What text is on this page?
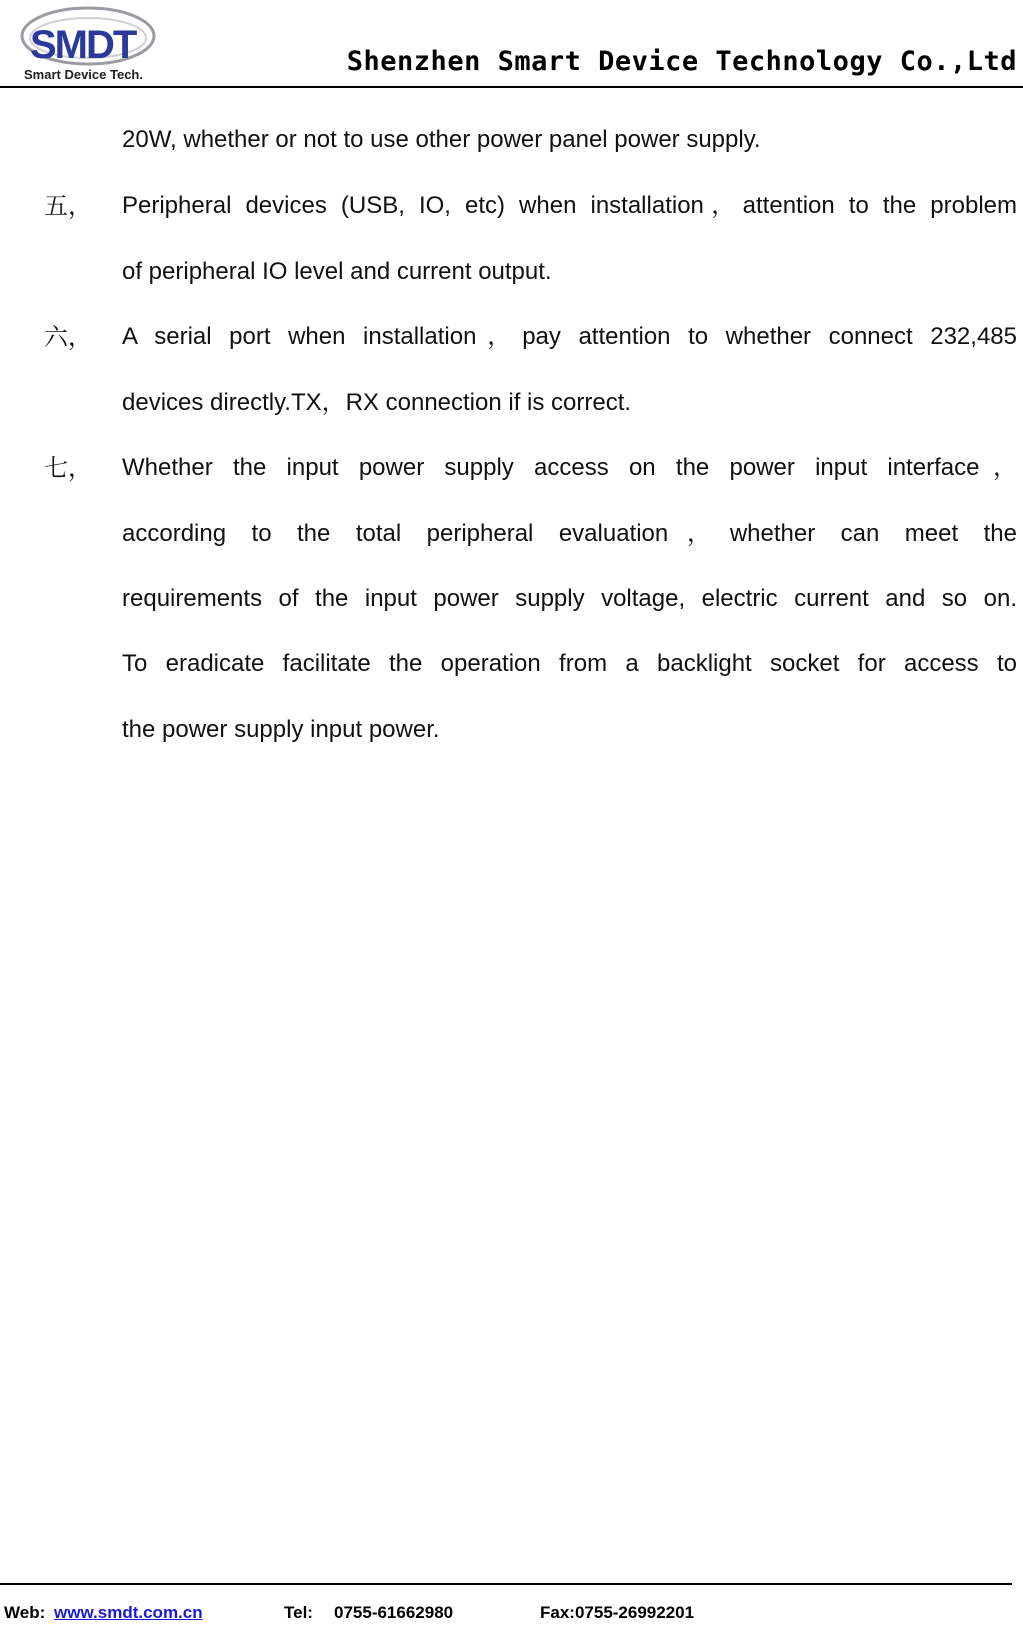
SMDT
Smart Device Tech.	Shenzhen Smart Device Technology Co.,Ltd
20W, whether or not to use other power panel power supply.
五， Peripheral devices (USB, IO, etc) when installation，attention to the problem
of peripheral IO level and current output.
六， A serial port when installation，pay attention to whether connect 232,485
devices directly.TX，RX connection if is correct.
七， Whether the input power supply access on the power input interface，
according to the total peripheral evaluation，whether can meet the
requirements of the input power supply voltage, electric current and so on.
To eradicate facilitate the operation from a backlight socket for access to
the power supply input power.
Web: www.smdt.com.cn	Tel: 0755-61662980	Fax:0755-26992201
